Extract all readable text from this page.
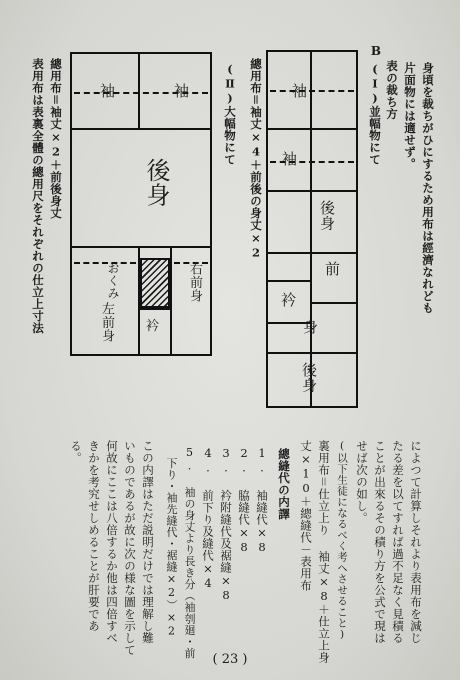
B
身頃を裁ちがひにするため用布は經濟なれども
片面物には適せず。
表の裁ち方
(Ⅰ)並幅物にて
袖
袖
後身
前
衿
身
後身
總用布＝袖丈×4＋前後の身丈×2
(Ⅱ)大幅物にて
袖	袖
後身
おくみ	右前身
左前身 衿
總用布＝袖丈×2＋前後身丈
表用布は表裏全體の總用尺をそれぞれの仕立上寸法
によつて計算しそれより表用布を減じ
たる差を以てすれば過不足なく見積る
ことが出來るその積り方を公式で現は
せば次の如し。
(以下生徒になるべく考へさせること)
裏用布＝仕立上り 袖丈×8＋仕立上身
丈×10＋總縫代－表用布
總縫代の内譯
1. 袖縫代×8
2. 脇縫代×8
3. 衿附縫代及裾縫×8
4. 前下り及縫代×4
5. 袖の身丈より長き分（袖刳廻・前
　下り・袖先縫代・裾縫×2）×2
この内譯はただ説明だけでは理解し難
いものであるが故に次の様な圖を示して
何故にここは八倍するか他は四倍すべ
きかを考究せしめることが肝要であ
る。
( 23 )
